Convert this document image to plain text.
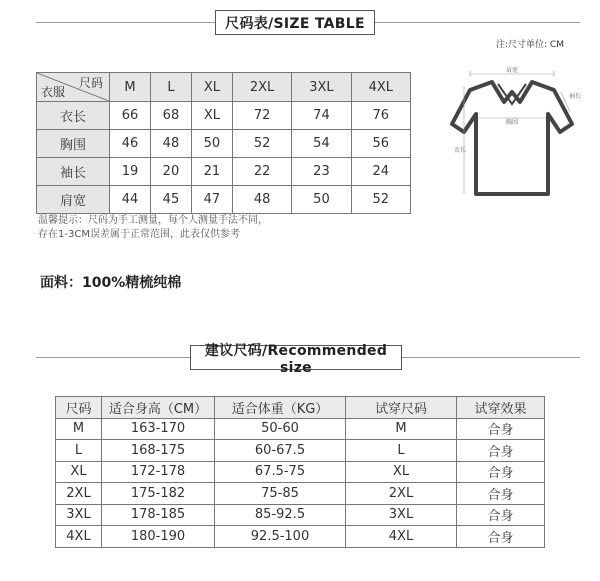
尺码表/SIZE TABLE
注:尺寸单位: CM
尺码
衣服	M	L	XL	2XL	3XL	4XL
衣长	66	68	XL	72	74	76
胸围	46	48	50	52	54	56
袖长	19	20	21	22	23	24
肩宽	44	45	47	48	50	52
肩宽
胸围
衣长
袖长
温馨提示：尺码为手工测量，每个人测量手法不同，
存在1-3CM误差属于正常范围，此表仅供参考
面料：100%精梳纯棉
建议尺码/Recommended size
尺码	适合身高（CM）	适合体重（KG）	试穿尺码	试穿效果
M	163-170	50-60	M	合身
L	168-175	60-67.5	L	合身
XL	172-178	67.5-75	XL	合身
2XL	175-182	75-85	2XL	合身
3XL	178-185	85-92.5	3XL	合身
4XL	180-190	92.5-100	4XL	合身
